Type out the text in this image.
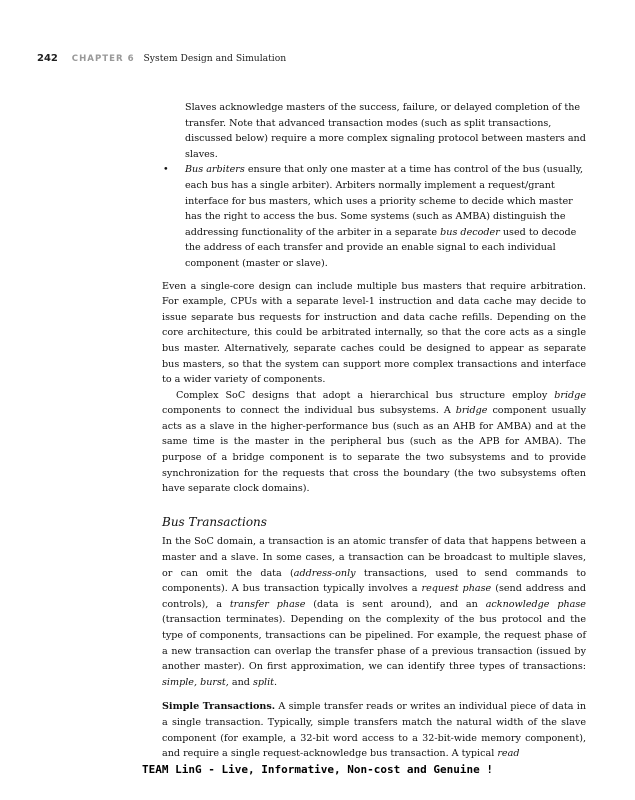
242 CHAPTER 6 System Design and Simulation

Slaves acknowledge masters of the success, failure, or delayed completion of the transfer. Note that advanced transaction modes (such as split transactions, discussed below) require a more complex signaling protocol between masters and slaves.

• Bus arbiters ensure that only one master at a time has control of the bus (usually, each bus has a single arbiter). Arbiters normally implement a request/grant interface for bus masters, which uses a priority scheme to decide which master has the right to access the bus. Some systems (such as AMBA) distinguish the addressing functionality of the arbiter in a separate bus decoder used to decode the address of each transfer and provide an enable signal to each individual component (master or slave).

Even a single-core design can include multiple bus masters that require arbitration. For example, CPUs with a separate level-1 instruction and data cache may decide to issue separate bus requests for instruction and data cache refills. Depending on the core architecture, this could be arbitrated internally, so that the core acts as a single bus master. Alternatively, separate caches could be designed to appear as separate bus masters, so that the system can support more complex transactions and interface to a wider variety of components.

Complex SoC designs that adopt a hierarchical bus structure employ bridge components to connect the individual bus subsystems. A bridge component usually acts as a slave in the higher-performance bus (such as an AHB for AMBA) and at the same time is the master in the peripheral bus (such as the APB for AMBA). The purpose of a bridge component is to separate the two subsystems and to provide synchronization for the requests that cross the boundary (the two subsystems often have separate clock domains).

Bus Transactions

In the SoC domain, a transaction is an atomic transfer of data that happens between a master and a slave. In some cases, a transaction can be broadcast to multiple slaves, or can omit the data (address-only transactions, used to send commands to components). A bus transaction typically involves a request phase (send address and controls), a transfer phase (data is sent around), and an acknowledge phase (transaction terminates). Depending on the complexity of the bus protocol and the type of components, transactions can be pipelined. For example, the request phase of a new transaction can overlap the transfer phase of a previous transaction (issued by another master). On first approximation, we can identify three types of transactions: simple, burst, and split.

Simple Transactions. A simple transfer reads or writes an individual piece of data in a single transaction. Typically, simple transfers match the natural width of the slave component (for example, a 32-bit word access to a 32-bit-wide memory component), and require a single request-acknowledge bus transaction. A typical read

TEAM LinG - Live, Informative, Non-cost and Genuine !
